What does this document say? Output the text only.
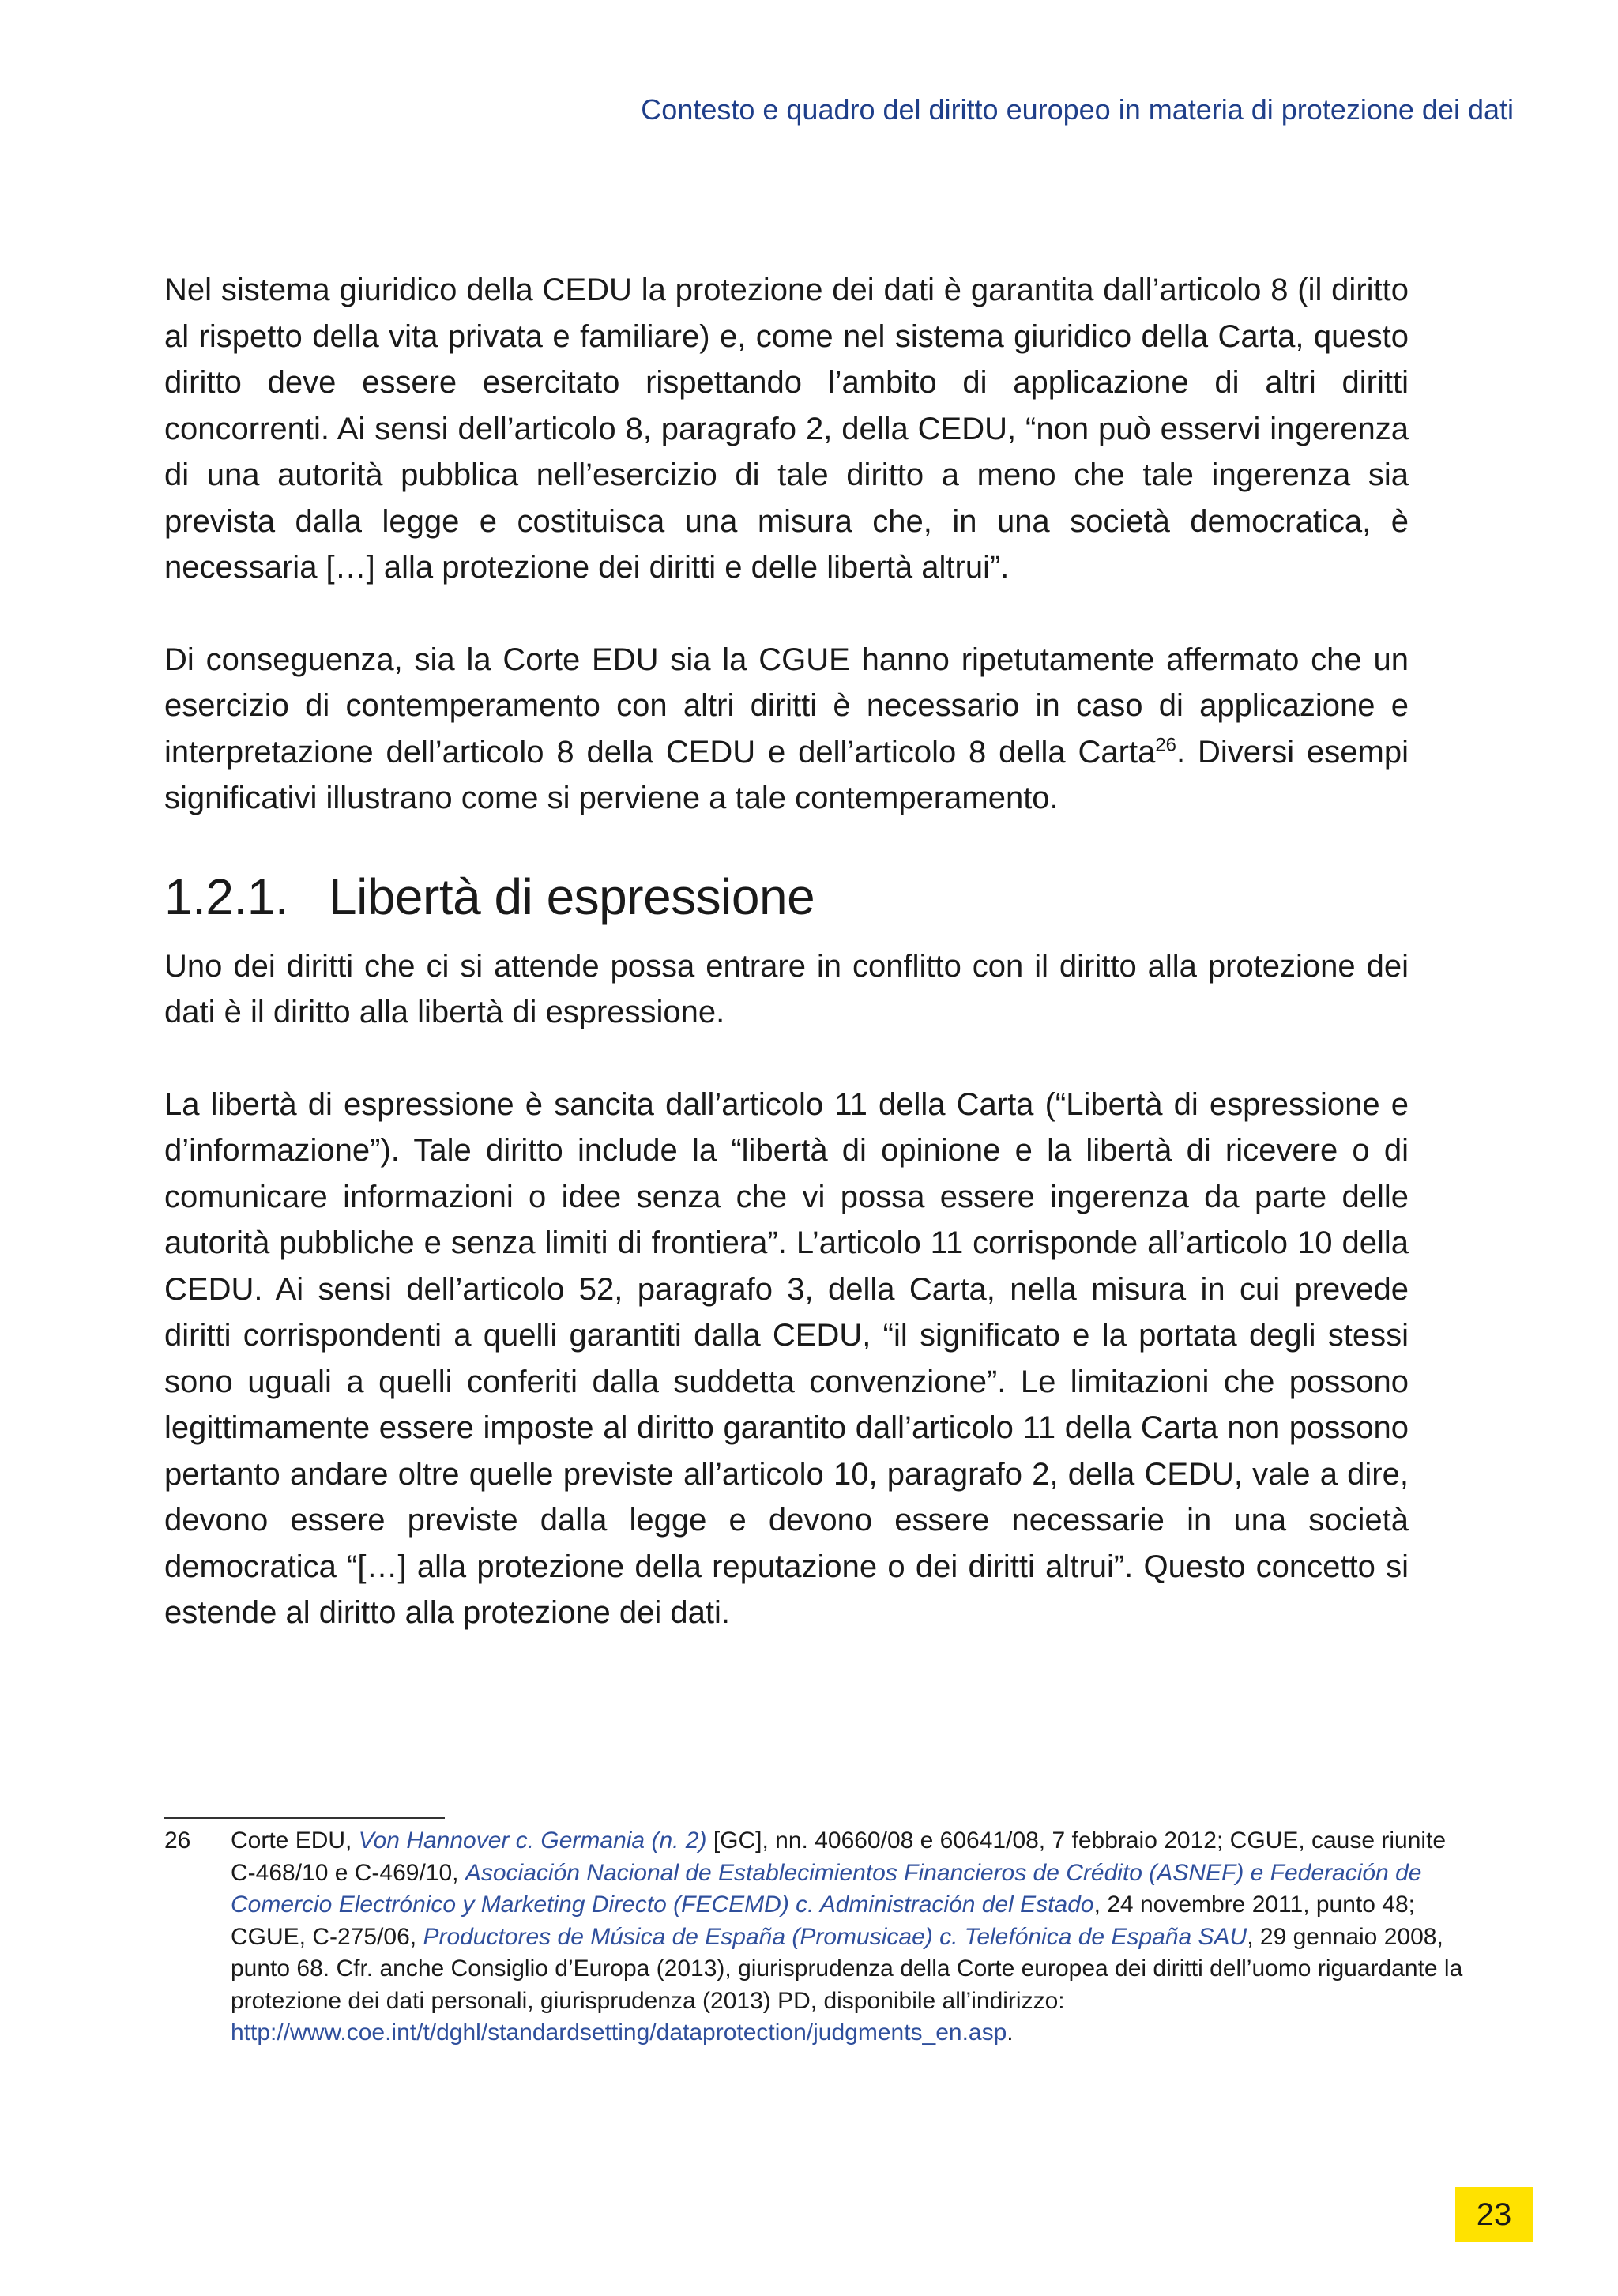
Contesto e quadro del diritto europeo in materia di protezione dei dati

Nel sistema giuridico della CEDU la protezione dei dati è garantita dall’articolo 8 (il diritto al rispetto della vita privata e familiare) e, come nel sistema giuridico della Carta, questo diritto deve essere esercitato rispettando l’ambito di applicazione di altri diritti concorrenti. Ai sensi dell’articolo 8, paragrafo 2, della CEDU, “non può esservi ingerenza di una autorità pubblica nell’esercizio di tale diritto a meno che tale ingerenza sia prevista dalla legge e costituisca una misura che, in una società democratica, è necessaria […] alla protezione dei diritti e delle libertà altrui”.

Di conseguenza, sia la Corte EDU sia la CGUE hanno ripetutamente affermato che un esercizio di contemperamento con altri diritti è necessario in caso di applicazione e interpretazione dell’articolo 8 della CEDU e dell’articolo 8 della Carta$^{26}$. Diversi esempi significativi illustrano come si perviene a tale contemperamento.

1.2.1. Libertà di espressione

Uno dei diritti che ci si attende possa entrare in conflitto con il diritto alla protezione dei dati è il diritto alla libertà di espressione.

La libertà di espressione è sancita dall’articolo 11 della Carta (“Libertà di espressione e d’informazione”). Tale diritto include la “libertà di opinione e la libertà di ricevere o di comunicare informazioni o idee senza che vi possa essere ingerenza da parte delle autorità pubbliche e senza limiti di frontiera”. L’articolo 11 corrisponde all’articolo 10 della CEDU. Ai sensi dell’articolo 52, paragrafo 3, della Carta, nella misura in cui prevede diritti corrispondenti a quelli garantiti dalla CEDU, “il significato e la portata degli stessi sono uguali a quelli conferiti dalla suddetta convenzione”. Le limitazioni che possono legittimamente essere imposte al diritto garantito dall’articolo 11 della Carta non possono pertanto andare oltre quelle previste all’articolo 10, paragrafo 2, della CEDU, vale a dire, devono essere previste dalla legge e devono essere necessarie in una società democratica “[…] alla protezione della reputazione o dei diritti altrui”. Questo concetto si estende al diritto alla protezione dei dati.

26	Corte EDU, Von Hannover c. Germania (n. 2) [GC], nn. 40660/08 e 60641/08, 7 febbraio 2012; CGUE, cause riunite C-468/10 e C-469/10, Asociación Nacional de Establecimientos Financieros de Crédito (ASNEF) e Federación de Comercio Electrónico y Marketing Directo (FECEMD) c. Administración del Estado, 24 novembre 2011, punto 48; CGUE, C-275/06, Productores de Música de España (Promusicae) c. Telefónica de España SAU, 29 gennaio 2008, punto 68. Cfr. anche Consiglio d’Europa (2013), giurisprudenza della Corte europea dei diritti dell’uomo riguardante la protezione dei dati personali, giurisprudenza (2013) PD, disponibile all’indirizzo: http://www.coe.int/t/dghl/standardsetting/dataprotection/judgments_en.asp.
23
